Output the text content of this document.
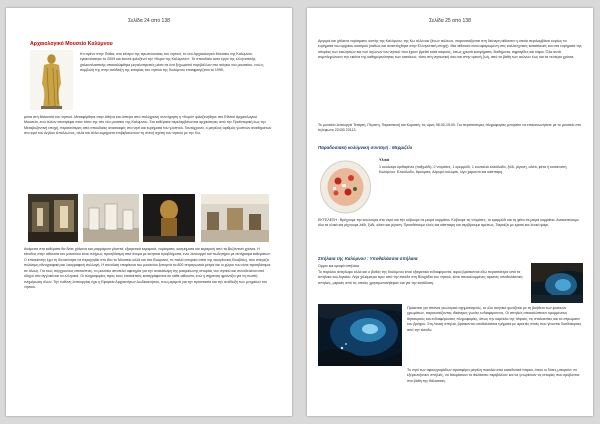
Σελίδα 24 από 138
Αρχαιολογικό Μουσείο Καλύμνου

Κτι σμένο στην Πόθια, στο κέντρο της πρωτεύουσας του νησιού, το νέο Αρχαιολογικό Μουσείο της Καλύμνου εγκαινιάστηκε το 2009 και έκτοτε φιλοξενεί την «Κυρά της Καλύμνου». Το σπουδαίο αυτό έργο της ελληνιστικής χαλκοπλαστικής αποκαλύφθηκε μεγαλοπρεπές μέσα σε ένα ξεχωριστό περιβάλλον στο ισόγειο του μουσείου, ενώ η συμβολή της στην ανάδειξη της ιστορίας του νησιού της Καλύμνου επισφραγίζεται το 1995,

μέσα στη θάλασσα του νησιού. Μεταφέρθηκε στην Αθήνα και ύστερα από πολύχρονη συντήρηση η «Κυρά» φιλοξενήθηκε στο Εθνικό Αρχαιολογικό Μουσείο, ενώ πλέον επιστρέφει στον τόπο της στο νέο μουσείο της Καλύμνου. Στα εκθέματα περιλαμβάνονται αρχαιότητες από την Προϊστορική έως την Μεταβυζαντινή εποχή, περισσότερες από σπουδαίες ανασκαφές στο νησί και ευρήματα του γλυπτού. Ταυτόχρονα, ο μεγάλος αριθμός γλυπτών αναθημάτων στο ιερό του Δηλίου Απόλλωνος, αλλά και άλλα ευρήματα επιβεβαιώνουν τη στενή σχέση του νησιού με την Κω.

Ανάμεσα στα εκθέματα θα δείτε χάλκινα και μαρμάρινα γλυπτά, εξαιρετικά κεραμικά, νομίσματα, κοσμήματα και κεραμική από τα Βυζαντινά χρόνια. Η είσοδος στην αίθουσα του μουσείου είναι πλήρως προσβάσιμη από άτομα με κινητικά προβλήματα, ενώ λειτουργεί και πωλητήριο με αντίγραφα εκθεμάτων. Ο επισκέπτης έχει τη δυνατότητα να περιηγηθεί στο ίδιο το Μουσείο αλλά και στο Βουρνικό, το παλιό ιστορικό σπίτι της οικογένειας Βουβάλη, που στεγάζει πολύτιμη εθνογραφική και λαογραφική συλλογή. Η συνολική επιφάνεια του μουσείου ξεπερνά τα 800 τετραγωνικά μέτρα και οι χώροι του είναι προσβάσιμοι σε όλους. Για τους σύγχρονους επισκέπτες, το μουσείο αποτελεί αφετηρία για την ανακάλυψη της μακραίωνης ιστορίας του νησιού και συνοδεύεται από οδηγό στα αγγλικά και τα ελληνικά. Οι πληροφορίες προς τους επισκέπτες καταγράφονται σε κάθε αίθουσα, ενώ η σήμανση φροντίζει για τη σωστή ενημέρωση όλων. Την ευθύνη λειτουργίας έχει η Εφορεία Αρχαιοτήτων Δωδεκανήσου, που μεριμνά για την προστασία και την ανάδειξη των μνημείων του νησιού.

Σελίδα 25 από 138

Αργυρά και χάλκινα νομίσματα, κοπής της Καλύμνου, της Κω αλλά και ξένων πόλεων, παρουσιάζονται στη δεύτερη αίθουσα η οποία περιλαμβάνει κυρίως τα ευρήματα του αρχαίου οικισμού (καθώς και αναπτύχθηκε στην Ελληνιστική εποχή). Μια αίθουσα είναι αφιερωμένη στις καλλιτεχνικές κατασκευές και στα ευρήματα της ιστορίας των εκκλησιών και των αγώνων του νησιού που έχουν βρεθεί κατά καιρούς, όπως χρυσά κοσμήματα, διαδήματα, σφραγίδες και τάφοι. Όλα αυτά συμπληρώνουν την εικόνα της καθημερινότητας των κατοίκων, τόσο στη νησιωτική όσο και στην ορεινή ζωή, από τα βάθη των αιώνων έως και τα νεότερα χρόνια.

Το μουσείο λειτουργεί Τετάρτη, Πέμπτη, Παρασκευή και Κυριακή, τις ώρες 08:30-15:00. Για περισσότερες πληροφορίες μπορείτε να επικοινωνήσετε με το μουσείο στο τηλέφωνο 22430 23113.

Παραδοσιακή κολύμνικη συνταγή : Μερμιζέλι
Υλικά

1 κουλούρι κριθαρένιο (παξιμάδι), 2 ντομάτες, 1 κρεμμύδι, 1 κουταλιά ελαιόλαδο, ξύδι, ρίγανη, αλάτι, φέτα ή κοπανιστή Καλύμνου, Ελαιόλαδο, θρούμπα, Αλμυρό κολύμπι, λίγο χαρούπι και κάππαρη.

ΕΚΤΕΛΕΣΗ : Βρέχουμε την κουλούρα στο νερό και την κόβουμε σε μικρά κομμάτια. Κόβουμε τις ντομάτες, το κρεμμύδι και τη φέτα σε μικρά κομμάτια. Ανακατεύουμε όλα τα υλικά και ρίχνουμε λάδι, ξύδι, αλάτι και ρίγανη. Προσθέτουμε ελιές και κάππαρη και σερβίρουμε αμέσως. Ταιριάζει με κρασί και λευκό ψάρι.

Σπήλαια της Καλύμνου : Υποθαλάσσια σπήλαια

Ορμοι και κρυφά σπήλαια

Το παράλιο ανάγλυφο αλλά και ο βυθός της Καλύμνου είναι εξαιρετικά ενδιαφέροντα, αφού βρίσκονται εδώ περισσότερα από τα σπήλαια του Αιγαίου. Λίγα χιλιόμετρα πριν από την είσοδο στη Βλυχάδια του νησιού, είναι αποκαλυμμένες αρκετές υποθαλάσσιες σπηλιές, μερικές από τις οποίες χρησιμοποιήθηκαν και για την κατάδυση.

Πρόκειται για σπάνια γεωλογικά σχηματισμούς, το όλο σκηνικό φωτίζεται με τη βοήθεια των φυσικών χρωμάτων, παρουσιάζοντας ιδιαίτερες γωνίες ενδιαφέροντος. Οι σπηλιές αποκαλύπτουν κρυμμένους θησαυρούς και ενδιαφέρουσες πληροφορίες, όπως την καρέκλα της Ψαριάς, τις σταλακτίτες και τα στρώματα του βράχου. Στη Λευκή σπηλιά, βρίσκονται υποθαλάσσια τμήματα με αρκετές στοές που γίνονται δυσδιάκριτες από την είσοδο.

Το νησί των σφουγγαράδων προσφέρει μεγάλη ποικιλία από καταδυτικά πάρκα, όπου οι δύτες μπορούν να εξερευνήσουν σπηλιές, να θαυμάσουν το θαλάσσιο περιβάλλον και να γνωρίσουν τις ιστορίες που κρύβονται στα βάθη της θάλασσας.
